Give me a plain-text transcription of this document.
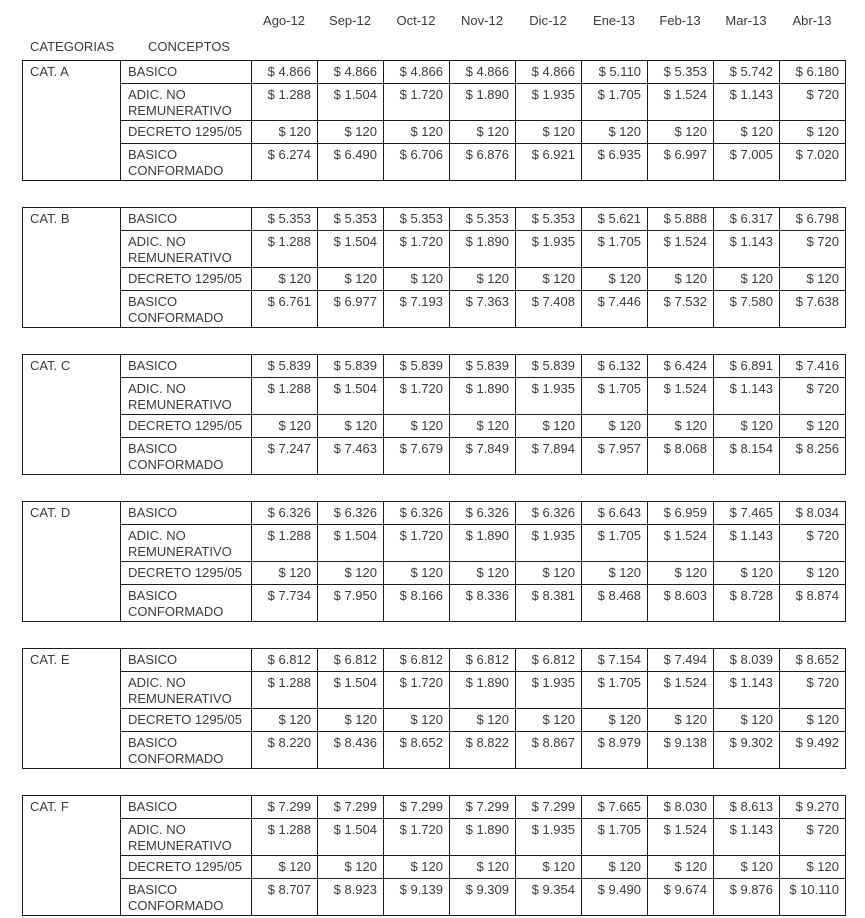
Ago-12	Sep-12	Oct-12	Nov-12	Dic-12	Ene-13	Feb-13	Mar-13	Abr-13
CATEGORIAS	CONCEPTOS
CAT. A	BASICO	$ 4.866	$ 4.866	$ 4.866	$ 4.866	$ 4.866	$ 5.110	$ 5.353	$ 5.742	$ 6.180
	ADIC. NO REMUNERATIVO	$ 1.288	$ 1.504	$ 1.720	$ 1.890	$ 1.935	$ 1.705	$ 1.524	$ 1.143	$ 720
	DECRETO 1295/05	$ 120	$ 120	$ 120	$ 120	$ 120	$ 120	$ 120	$ 120	$ 120
	BASICO CONFORMADO	$ 6.274	$ 6.490	$ 6.706	$ 6.876	$ 6.921	$ 6.935	$ 6.997	$ 7.005	$ 7.020
CAT. B	BASICO	$ 5.353	$ 5.353	$ 5.353	$ 5.353	$ 5.353	$ 5.621	$ 5.888	$ 6.317	$ 6.798
	ADIC. NO REMUNERATIVO	$ 1.288	$ 1.504	$ 1.720	$ 1.890	$ 1.935	$ 1.705	$ 1.524	$ 1.143	$ 720
	DECRETO 1295/05	$ 120	$ 120	$ 120	$ 120	$ 120	$ 120	$ 120	$ 120	$ 120
	BASICO CONFORMADO	$ 6.761	$ 6.977	$ 7.193	$ 7.363	$ 7.408	$ 7.446	$ 7.532	$ 7.580	$ 7.638
CAT. C	BASICO	$ 5.839	$ 5.839	$ 5.839	$ 5.839	$ 5.839	$ 6.132	$ 6.424	$ 6.891	$ 7.416
	ADIC. NO REMUNERATIVO	$ 1.288	$ 1.504	$ 1.720	$ 1.890	$ 1.935	$ 1.705	$ 1.524	$ 1.143	$ 720
	DECRETO 1295/05	$ 120	$ 120	$ 120	$ 120	$ 120	$ 120	$ 120	$ 120	$ 120
	BASICO CONFORMADO	$ 7.247	$ 7.463	$ 7.679	$ 7.849	$ 7.894	$ 7.957	$ 8.068	$ 8.154	$ 8.256
CAT. D	BASICO	$ 6.326	$ 6.326	$ 6.326	$ 6.326	$ 6.326	$ 6.643	$ 6.959	$ 7.465	$ 8.034
	ADIC. NO REMUNERATIVO	$ 1.288	$ 1.504	$ 1.720	$ 1.890	$ 1.935	$ 1.705	$ 1.524	$ 1.143	$ 720
	DECRETO 1295/05	$ 120	$ 120	$ 120	$ 120	$ 120	$ 120	$ 120	$ 120	$ 120
	BASICO CONFORMADO	$ 7.734	$ 7.950	$ 8.166	$ 8.336	$ 8.381	$ 8.468	$ 8.603	$ 8.728	$ 8.874
CAT. E	BASICO	$ 6.812	$ 6.812	$ 6.812	$ 6.812	$ 6.812	$ 7.154	$ 7.494	$ 8.039	$ 8.652
	ADIC. NO REMUNERATIVO	$ 1.288	$ 1.504	$ 1.720	$ 1.890	$ 1.935	$ 1.705	$ 1.524	$ 1.143	$ 720
	DECRETO 1295/05	$ 120	$ 120	$ 120	$ 120	$ 120	$ 120	$ 120	$ 120	$ 120
	BASICO CONFORMADO	$ 8.220	$ 8.436	$ 8.652	$ 8.822	$ 8.867	$ 8.979	$ 9.138	$ 9.302	$ 9.492
CAT. F	BASICO	$ 7.299	$ 7.299	$ 7.299	$ 7.299	$ 7.299	$ 7.665	$ 8.030	$ 8.613	$ 9.270
	ADIC. NO REMUNERATIVO	$ 1.288	$ 1.504	$ 1.720	$ 1.890	$ 1.935	$ 1.705	$ 1.524	$ 1.143	$ 720
	DECRETO 1295/05	$ 120	$ 120	$ 120	$ 120	$ 120	$ 120	$ 120	$ 120	$ 120
	BASICO CONFORMADO	$ 8.707	$ 8.923	$ 9.139	$ 9.309	$ 9.354	$ 9.490	$ 9.674	$ 9.876	$ 10.110
